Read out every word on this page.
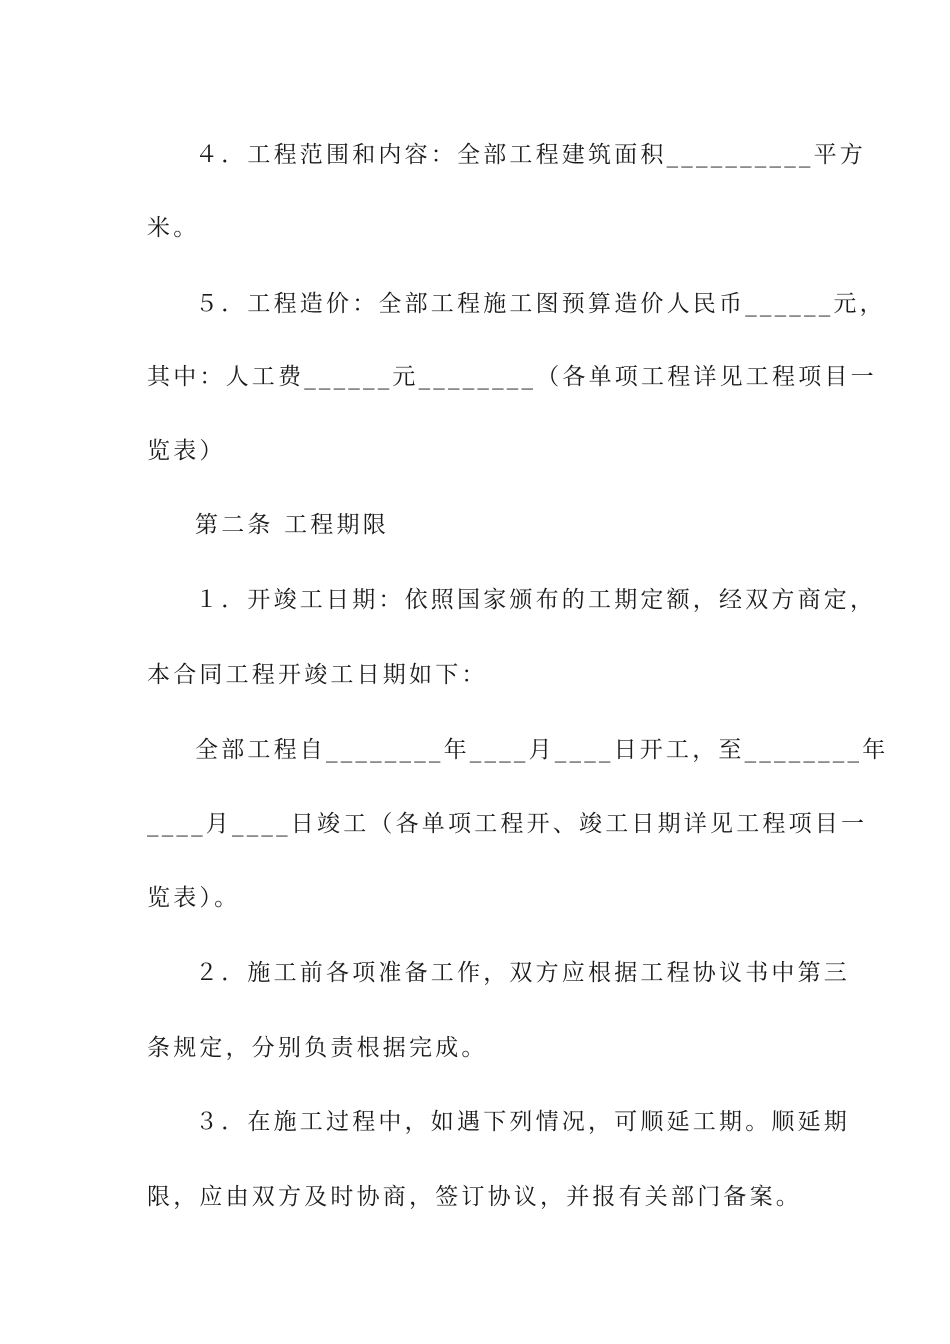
４．工程范围和内容：全部工程建筑面积__________平方

米。

５．工程造价：全部工程施工图预算造价人民币______元，

其中：人工费______元________（各单项工程详见工程项目一

览表）

第二条 工程期限

１．开竣工日期：依照国家颁布的工期定额，经双方商定，

本合同工程开竣工日期如下：

全部工程自________年____月____日开工，至________年

____月____日竣工（各单项工程开、竣工日期详见工程项目一

览表）。

２．施工前各项准备工作，双方应根据工程协议书中第三

条规定，分别负责根据完成。

３．在施工过程中，如遇下列情况，可顺延工期。顺延期

限，应由双方及时协商，签订协议，并报有关部门备案。
